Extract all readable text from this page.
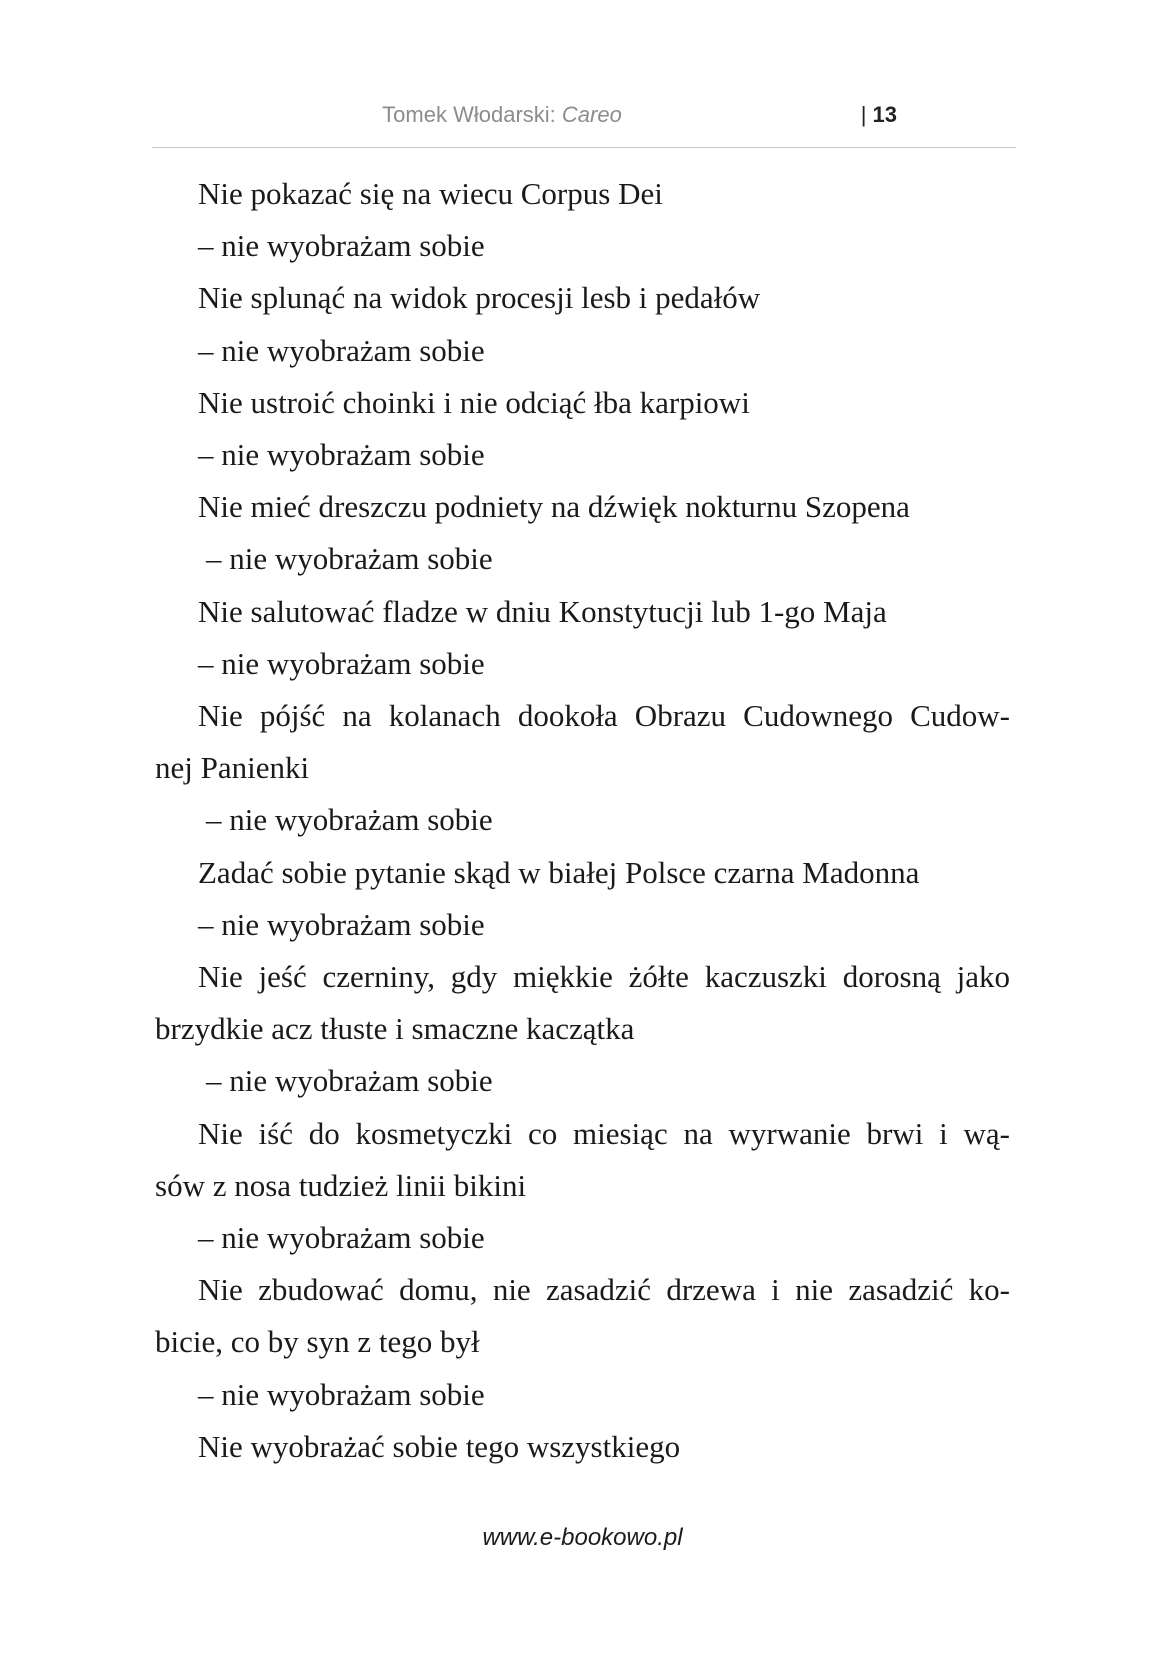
Tomek Włodarski: Careo	| 13
Nie pokazać się na wiecu Corpus Dei
– nie wyobrażam sobie
Nie splunąć na widok procesji lesb i pedałów
– nie wyobrażam sobie
Nie ustroić choinki i nie odciąć łba karpiowi
– nie wyobrażam sobie
Nie mieć dreszczu podniety na dźwięk nokturnu Szopena
– nie wyobrażam sobie
Nie salutować fladze w dniu Konstytucji lub 1-go Maja
– nie wyobrażam sobie
Nie pójść na kolanach dookoła Obrazu Cudownego Cudow-
nej Panienki
– nie wyobrażam sobie
Zadać sobie pytanie skąd w białej Polsce czarna Madonna
– nie wyobrażam sobie
Nie jeść czerniny, gdy miękkie żółte kaczuszki dorosną jako
brzydkie acz tłuste i smaczne kaczątka
– nie wyobrażam sobie
Nie iść do kosmetyczki co miesiąc na wyrwanie brwi i wą-
sów z nosa tudzież linii bikini
– nie wyobrażam sobie
Nie zbudować domu, nie zasadzić drzewa i nie zasadzić ko-
bicie, co by syn z tego był
– nie wyobrażam sobie
Nie wyobrażać sobie tego wszystkiego
www.e-bookowo.pl
